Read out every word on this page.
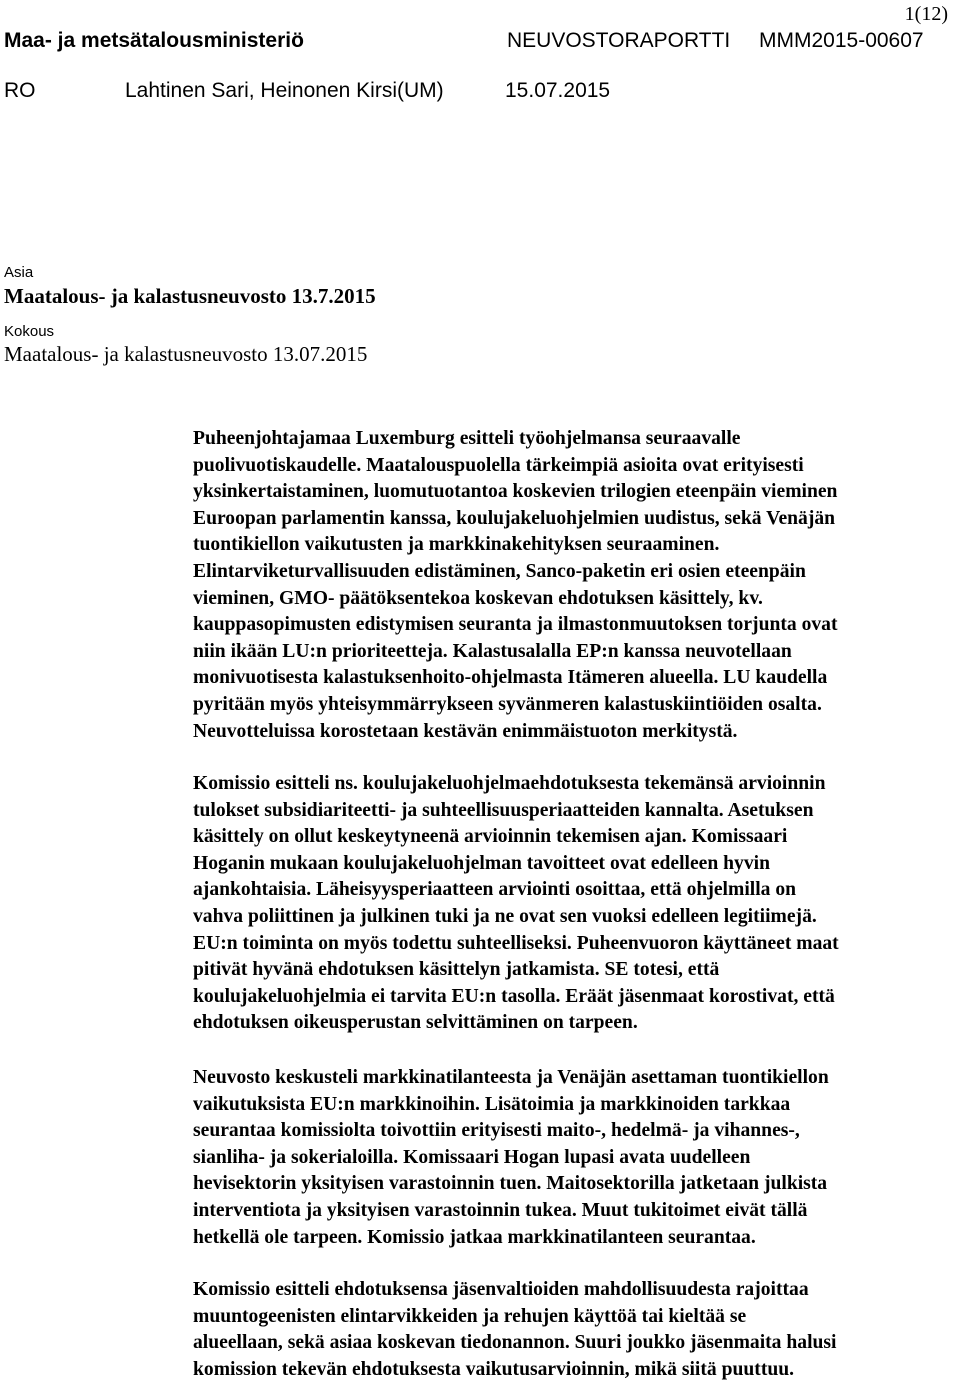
1(12)
Maa- ja metsätalousministeriö	NEUVOSTORAPORTTI MMM2015-00607
RO	Lahtinen Sari, Heinonen Kirsi(UM)	15.07.2015
Asia
Maatalous- ja kalastusneuvosto 13.7.2015
Kokous
Maatalous- ja kalastusneuvosto 13.07.2015
Puheenjohtajamaa Luxemburg esitteli työohjelmansa seuraavalle
puolivuotiskaudelle. Maatalouspuolella tärkeimpiä asioita ovat erityisesti
yksinkertaistaminen, luomutuotantoa koskevien trilogien eteenpäin vieminen
Euroopan parlamentin kanssa, koulujakeluohjelmien uudistus, sekä Venäjän
tuontikiellon vaikutusten ja markkinakehityksen seuraaminen.
Elintarviketurvallisuuden edistäminen, Sanco-paketin eri osien eteenpäin
vieminen, GMO- päätöksentekoa koskevan ehdotuksen käsittely, kv.
kauppasopimusten edistymisen seuranta ja ilmastonmuutoksen torjunta ovat
niin ikään LU:n prioriteetteja. Kalastusalalla EP:n kanssa neuvotellaan
monivuotisesta kalastuksenhoito-ohjelmasta Itämeren alueella. LU kaudella
pyritään myös yhteisymmärrykseen syvänmeren kalastuskiintiöiden osalta.
Neuvotteluissa korostetaan kestävän enimmäistuoton merkitystä.
Komissio esitteli ns. koulujakeluohjelmaehdotuksesta tekemänsä arvioinnin
tulokset subsidiariteetti- ja suhteellisuusperiaatteiden kannalta. Asetuksen
käsittely on ollut keskeytyneenä arvioinnin tekemisen ajan. Komissaari
Hoganin mukaan koulujakeluohjelman tavoitteet ovat edelleen hyvin
ajankohtaisia. Läheisyysperiaatteen arviointi osoittaa, että ohjelmilla on
vahva poliittinen ja julkinen tuki ja ne ovat sen vuoksi edelleen legitiimejä.
EU:n toiminta on myös todettu suhteelliseksi. Puheenvuoron käyttäneet maat
pitivät hyvänä ehdotuksen käsittelyn jatkamista. SE totesi, että
koulujakeluohjelmia ei tarvita EU:n tasolla. Eräät jäsenmaat korostivat, että
ehdotuksen oikeusperustan selvittäminen on tarpeen.
Neuvosto keskusteli markkinatilanteesta ja Venäjän asettaman tuontikiellon
vaikutuksista EU:n markkinoihin. Lisätoimia ja markkinoiden tarkkaa
seurantaa komissiolta toivottiin erityisesti maito-, hedelmä- ja vihannes-,
sianliha- ja sokerialoilla. Komissaari Hogan lupasi avata uudelleen
hevisektorin yksityisen varastoinnin tuen. Maitosektorilla jatketaan julkista
interventiota ja yksityisen varastoinnin tukea. Muut tukitoimet eivät tällä
hetkellä ole tarpeen. Komissio jatkaa markkinatilanteen seurantaa.
Komissio esitteli ehdotuksensa jäsenvaltioiden mahdollisuudesta rajoittaa
muuntogeenisten elintarvikkeiden ja rehujen käyttöä tai kieltää se
alueellaan, sekä asiaa koskevan tiedonannon. Suuri joukko jäsenmaita halusi
komission tekevän ehdotuksesta vaikutusarvioinnin, mikä siitä puuttuu.
